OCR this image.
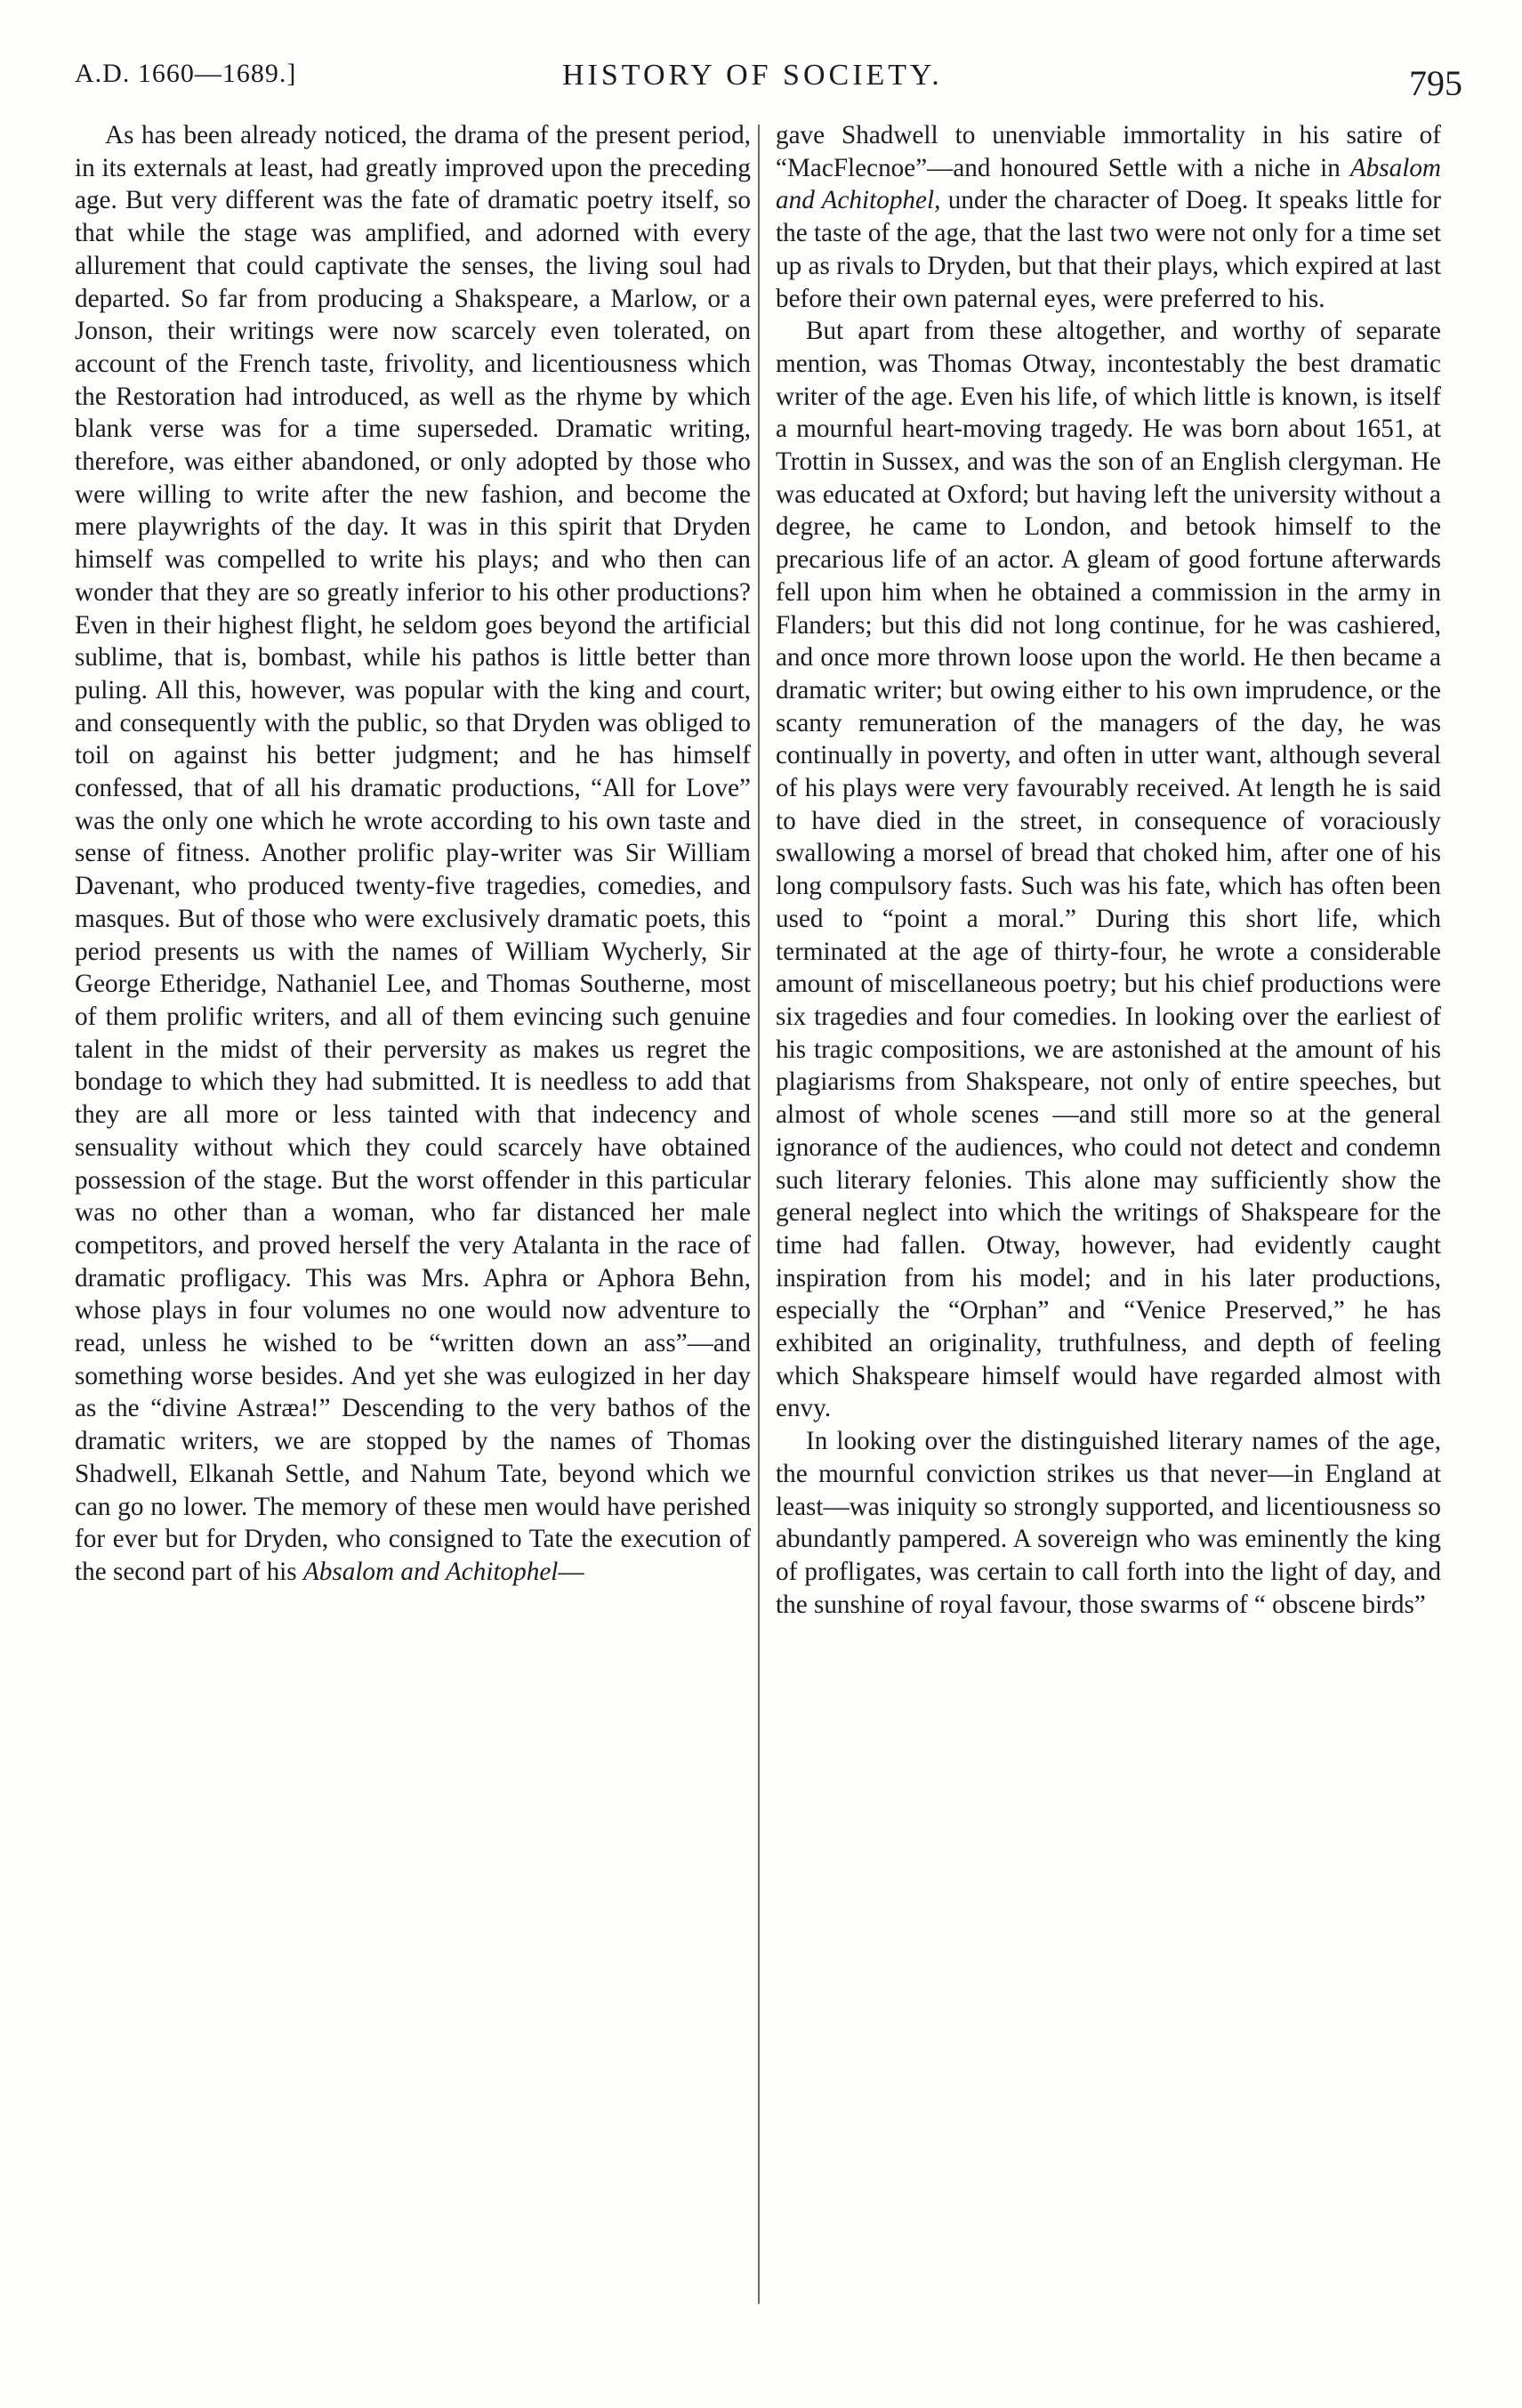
A.D. 1660—1689.]	HISTORY OF SOCIETY.	795

As has been already noticed, the drama of the present period, in its externals at least, had greatly improved upon the preceding age. But very different was the fate of dramatic poetry itself, so that while the stage was amplified, and adorned with every allurement that could captivate the senses, the living soul had departed. So far from producing a Shakspeare, a Marlow, or a Jonson, their writings were now scarcely even tolerated, on account of the French taste, frivolity, and licentiousness which the Restoration had introduced, as well as the rhyme by which blank verse was for a time superseded. Dramatic writing, therefore, was either abandoned, or only adopted by those who were willing to write after the new fashion, and become the mere playwrights of the day. It was in this spirit that Dryden himself was compelled to write his plays; and who then can wonder that they are so greatly inferior to his other productions? Even in their highest flight, he seldom goes beyond the artificial sublime, that is, bombast, while his pathos is little better than puling. All this, however, was popular with the king and court, and consequently with the public, so that Dryden was obliged to toil on against his better judgment; and he has himself confessed, that of all his dramatic productions, “All for Love” was the only one which he wrote according to his own taste and sense of fitness. Another prolific play-writer was Sir William Davenant, who produced twenty-five tragedies, comedies, and masques. But of those who were exclusively dramatic poets, this period presents us with the names of William Wycherly, Sir George Etheridge, Nathaniel Lee, and Thomas Southerne, most of them prolific writers, and all of them evincing such genuine talent in the midst of their perversity as makes us regret the bondage to which they had submitted. It is needless to add that they are all more or less tainted with that indecency and sensuality without which they could scarcely have obtained possession of the stage. But the worst offender in this particular was no other than a woman, who far distanced her male competitors, and proved herself the very Atalanta in the race of dramatic profligacy. This was Mrs. Aphra or Aphora Behn, whose plays in four volumes no one would now adventure to read, unless he wished to be “written down an ass”—and something worse besides. And yet she was eulogized in her day as the “divine Astræa!” Descending to the very bathos of the dramatic writers, we are stopped by the names of Thomas Shadwell, Elkanah Settle, and Nahum Tate, beyond which we can go no lower. The memory of these men would have perished for ever but for Dryden, who consigned to Tate the execution of the second part of his Absalom and Achitophel—

gave Shadwell to unenviable immortality in his satire of “MacFlecnoe”—and honoured Settle with a niche in Absalom and Achitophel, under the character of Doeg. It speaks little for the taste of the age, that the last two were not only for a time set up as rivals to Dryden, but that their plays, which expired at last before their own paternal eyes, were preferred to his.

But apart from these altogether, and worthy of separate mention, was Thomas Otway, incontestably the best dramatic writer of the age. Even his life, of which little is known, is itself a mournful heart-moving tragedy. He was born about 1651, at Trottin in Sussex, and was the son of an English clergyman. He was educated at Oxford; but having left the university without a degree, he came to London, and betook himself to the precarious life of an actor. A gleam of good fortune afterwards fell upon him when he obtained a commission in the army in Flanders; but this did not long continue, for he was cashiered, and once more thrown loose upon the world. He then became a dramatic writer; but owing either to his own imprudence, or the scanty remuneration of the managers of the day, he was continually in poverty, and often in utter want, although several of his plays were very favourably received. At length he is said to have died in the street, in consequence of voraciously swallowing a morsel of bread that choked him, after one of his long compulsory fasts. Such was his fate, which has often been used to “point a moral.” During this short life, which terminated at the age of thirty-four, he wrote a considerable amount of miscellaneous poetry; but his chief productions were six tragedies and four comedies. In looking over the earliest of his tragic compositions, we are astonished at the amount of his plagiarisms from Shakspeare, not only of entire speeches, but almost of whole scenes —and still more so at the general ignorance of the audiences, who could not detect and condemn such literary felonies. This alone may sufficiently show the general neglect into which the writings of Shakspeare for the time had fallen. Otway, however, had evidently caught inspiration from his model; and in his later productions, especially the “Orphan” and “Venice Preserved,” he has exhibited an originality, truthfulness, and depth of feeling which Shakspeare himself would have regarded almost with envy.

In looking over the distinguished literary names of the age, the mournful conviction strikes us that never—in England at least—was iniquity so strongly supported, and licentiousness so abundantly pampered. A sovereign who was eminently the king of profligates, was certain to call forth into the light of day, and the sunshine of royal favour, those swarms of “ obscene birds”
